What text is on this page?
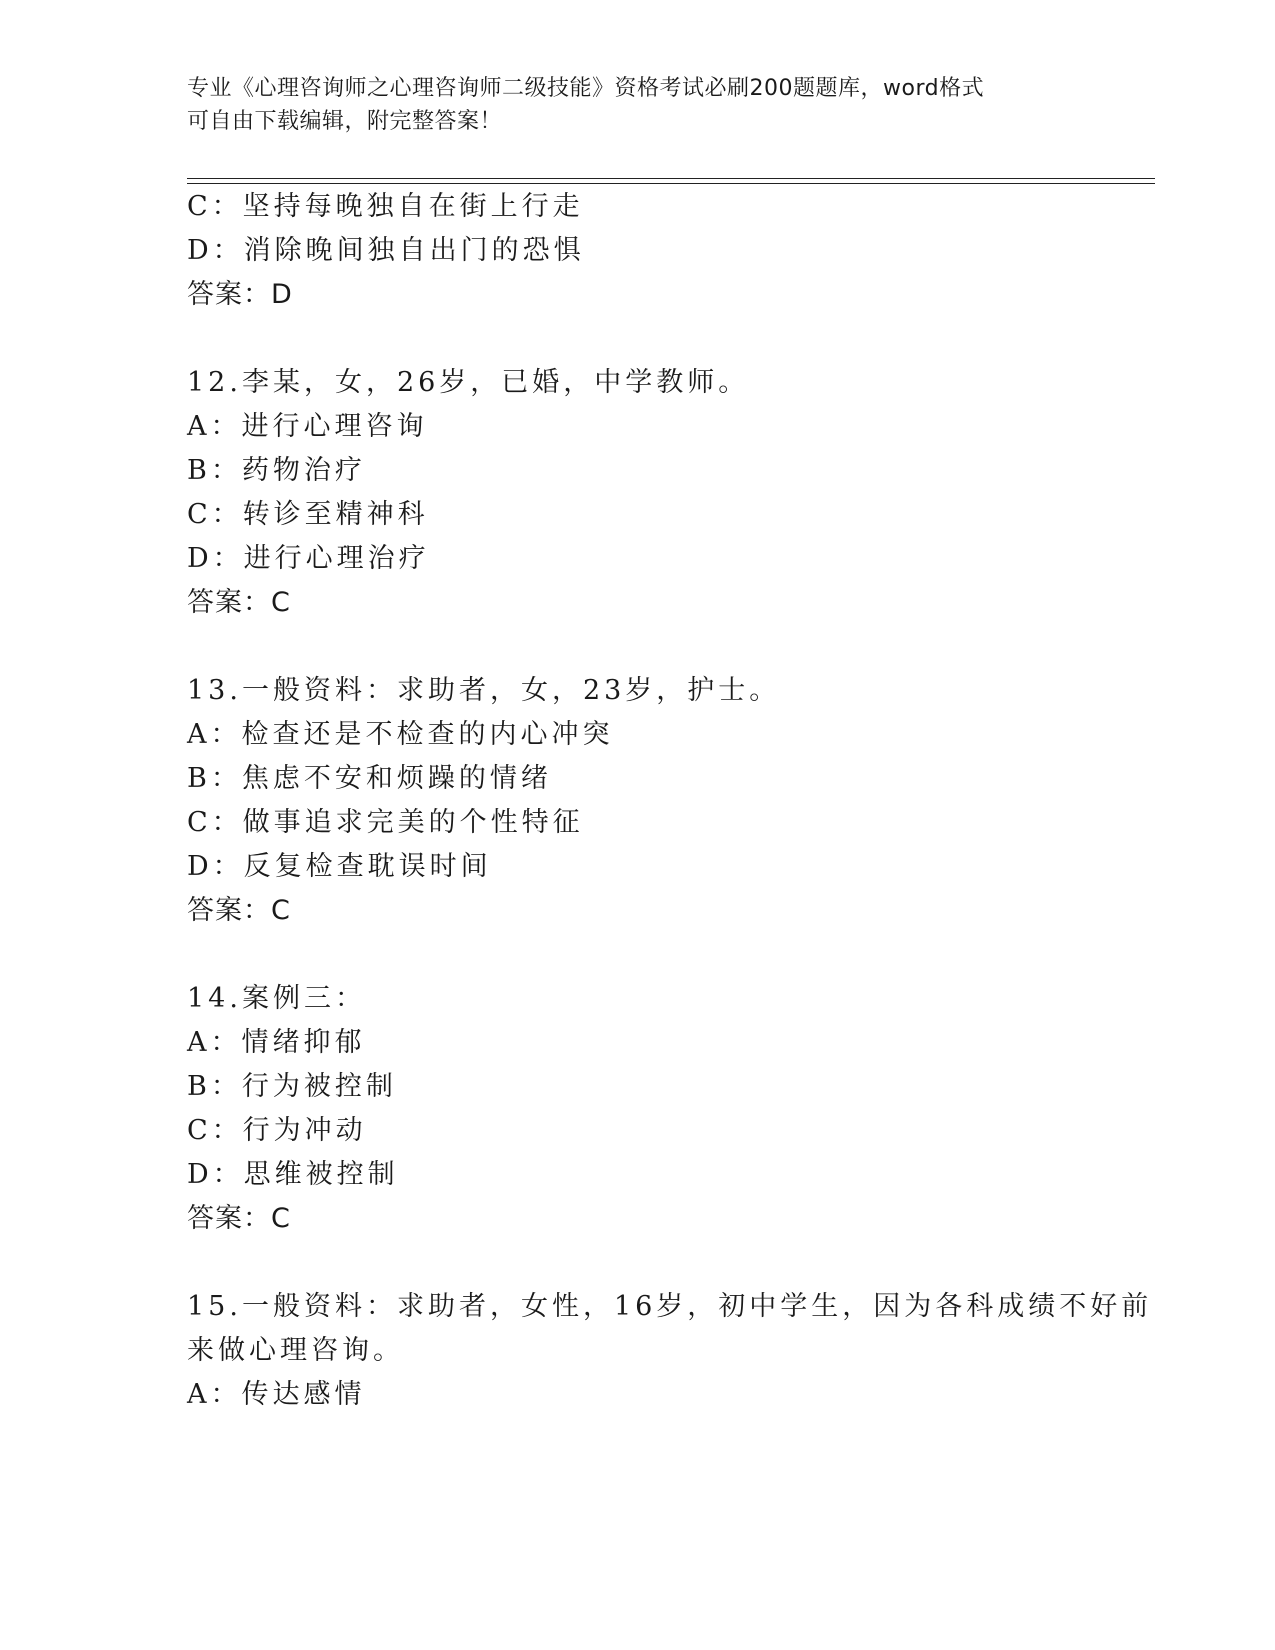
专业《心理咨询师之心理咨询师二级技能》资格考试必刷200题题库，word格式
可自由下载编辑，附完整答案！
C：坚持每晚独自在街上行走
D：消除晚间独自出门的恐惧
答案：D
12.李某，女，26岁，已婚，中学教师。
A：进行心理咨询
B：药物治疗
C：转诊至精神科
D：进行心理治疗
答案：C
13.一般资料：求助者，女，23岁，护士。
A：检查还是不检查的内心冲突
B：焦虑不安和烦躁的情绪
C：做事追求完美的个性特征
D：反复检查耽误时间
答案：C
14.案例三：
A：情绪抑郁
B：行为被控制
C：行为冲动
D：思维被控制
答案：C
15.一般资料：求助者，女性，16岁，初中学生，因为各科成绩不好前
来做心理咨询。
A：传达感情
